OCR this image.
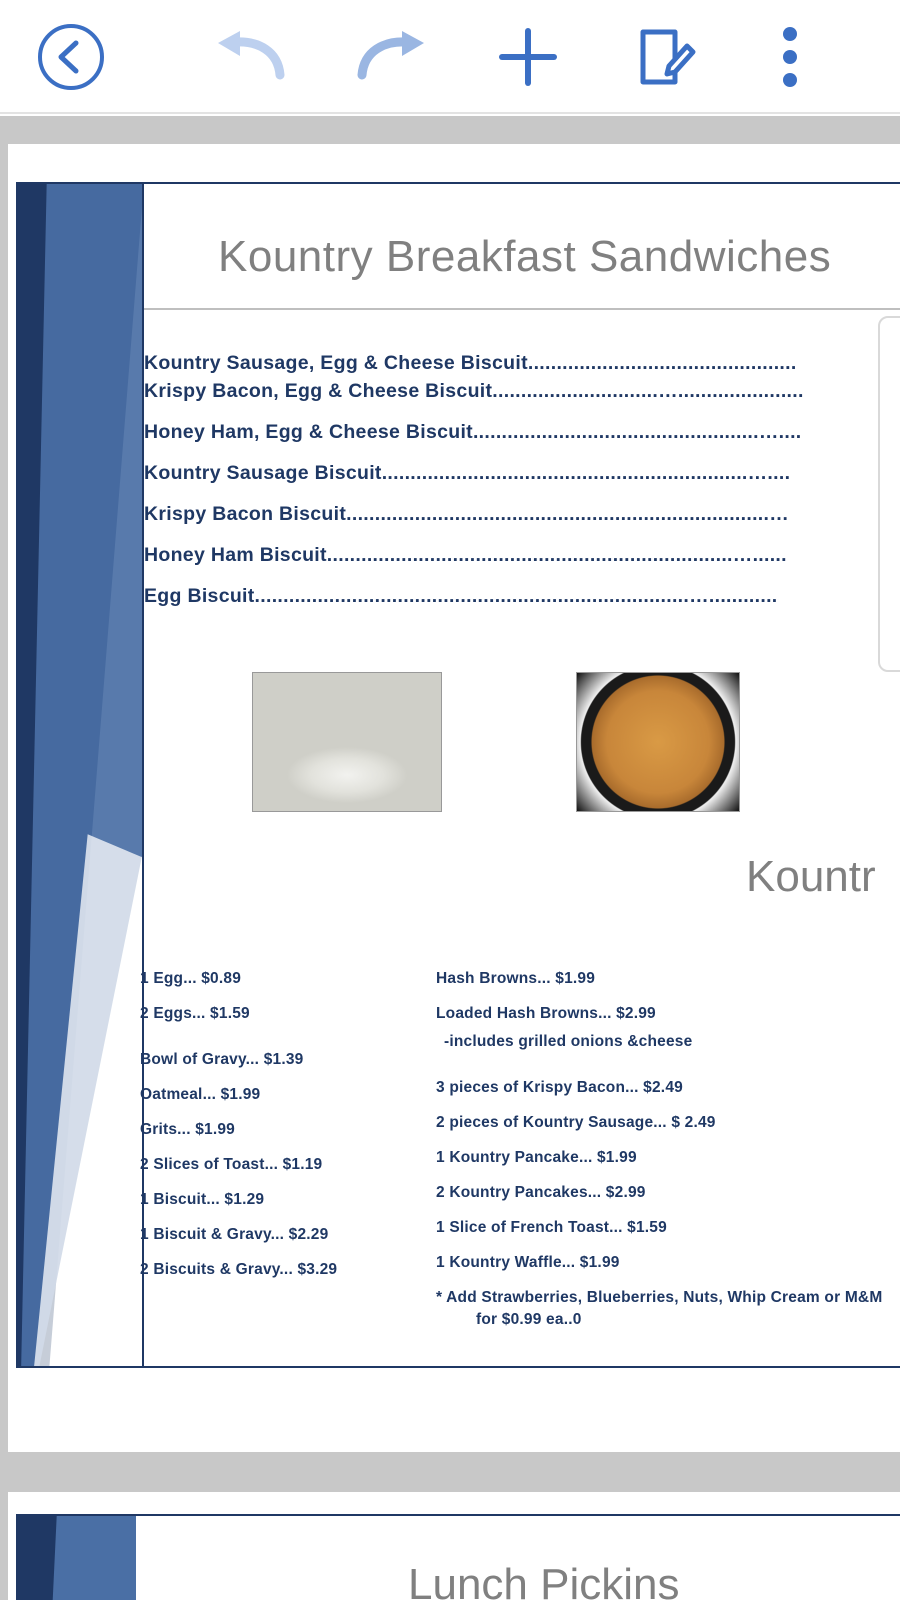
Kountry Breakfast Sandwiches
Kountry Sausage, Egg & Cheese Biscuit...............................................
Krispy Bacon, Egg & Cheese Biscuit.............................…......................
Honey Ham, Egg & Cheese Biscuit..................................................…....
Kountry Sausage Biscuit................................................................…....
Krispy Bacon Biscuit..........................................................................…
Honey Ham Biscuit.......................................................................…......
Egg Biscuit............................................................................…............
Kountr
1 Egg... $0.89
2 Eggs... $1.59
Bowl of Gravy... $1.39
Oatmeal... $1.99
Grits... $1.99
2 Slices of Toast... $1.19
1 Biscuit... $1.29
1 Biscuit & Gravy... $2.29
2 Biscuits & Gravy... $3.29
Hash Browns... $1.99
Loaded Hash Browns... $2.99
-includes grilled onions &cheese
3 pieces of Krispy Bacon... $2.49
2 pieces of Kountry Sausage... $ 2.49
1 Kountry Pancake... $1.99
2 Kountry Pancakes... $2.99
1 Slice of French Toast... $1.59
1 Kountry Waffle... $1.99
* Add Strawberries, Blueberries, Nuts, Whip Cream or M&M
for $0.99 ea..0
Lunch Pickins
